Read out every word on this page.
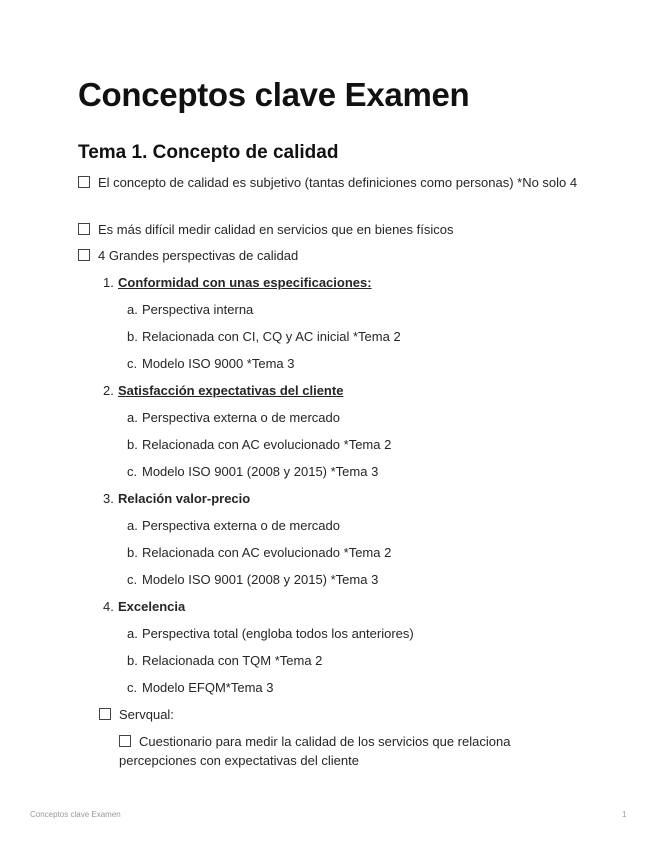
Conceptos clave Examen
Tema 1. Concepto de calidad
El concepto de calidad es subjetivo (tantas definiciones como personas) *No solo 4
Es más difícil medir calidad en servicios que en bienes físicos
4 Grandes perspectivas de calidad
1. Conformidad con unas especificaciones:
a. Perspectiva interna
b. Relacionada con CI, CQ y AC inicial *Tema 2
c. Modelo ISO 9000 *Tema 3
2. Satisfacción expectativas del cliente
a. Perspectiva externa o de mercado
b. Relacionada con AC evolucionado *Tema 2
c. Modelo ISO 9001 (2008 y 2015) *Tema 3
3. Relación valor-precio
a. Perspectiva externa o de mercado
b. Relacionada con AC evolucionado *Tema 2
c. Modelo ISO 9001 (2008 y 2015) *Tema 3
4. Excelencia
a. Perspectiva total (engloba todos los anteriores)
b. Relacionada con TQM *Tema 2
c. Modelo EFQM*Tema 3
Servqual:
Cuestionario para medir la calidad de los servicios que relaciona percepciones con expectativas del cliente
Conceptos clave Examen	1
